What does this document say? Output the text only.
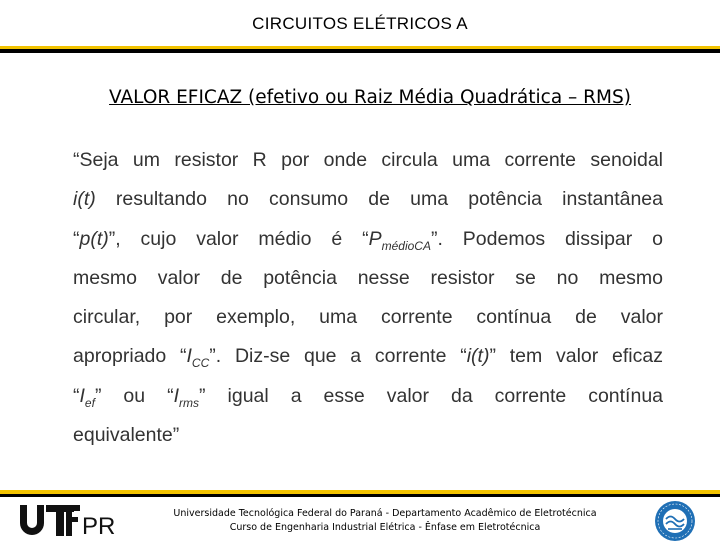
CIRCUITOS ELÉTRICOS A
VALOR EFICAZ (efetivo ou Raiz Média Quadrática – RMS)
“Seja um resistor R por onde circula uma corrente senoidal
i(t) resultando no consumo de uma potência instantânea
“p(t)”, cujo valor médio é “$P_{médioCA}$”. Podemos dissipar o
mesmo valor de potência nesse resistor se no mesmo
circular, por exemplo, uma corrente contínua de valor
apropriado “$I_{CC}$”. Diz-se que a corrente “i(t)” tem valor eficaz
“$I_{ef}$” ou “$I_{rms}$” igual a esse valor da corrente contínua
equivalente”
PR	Universidade Tecnológica Federal do Paraná - Departamento Acadêmico de Eletrotécnica
Curso de Engenharia Industrial Elétrica - Ênfase em Eletrotécnica
